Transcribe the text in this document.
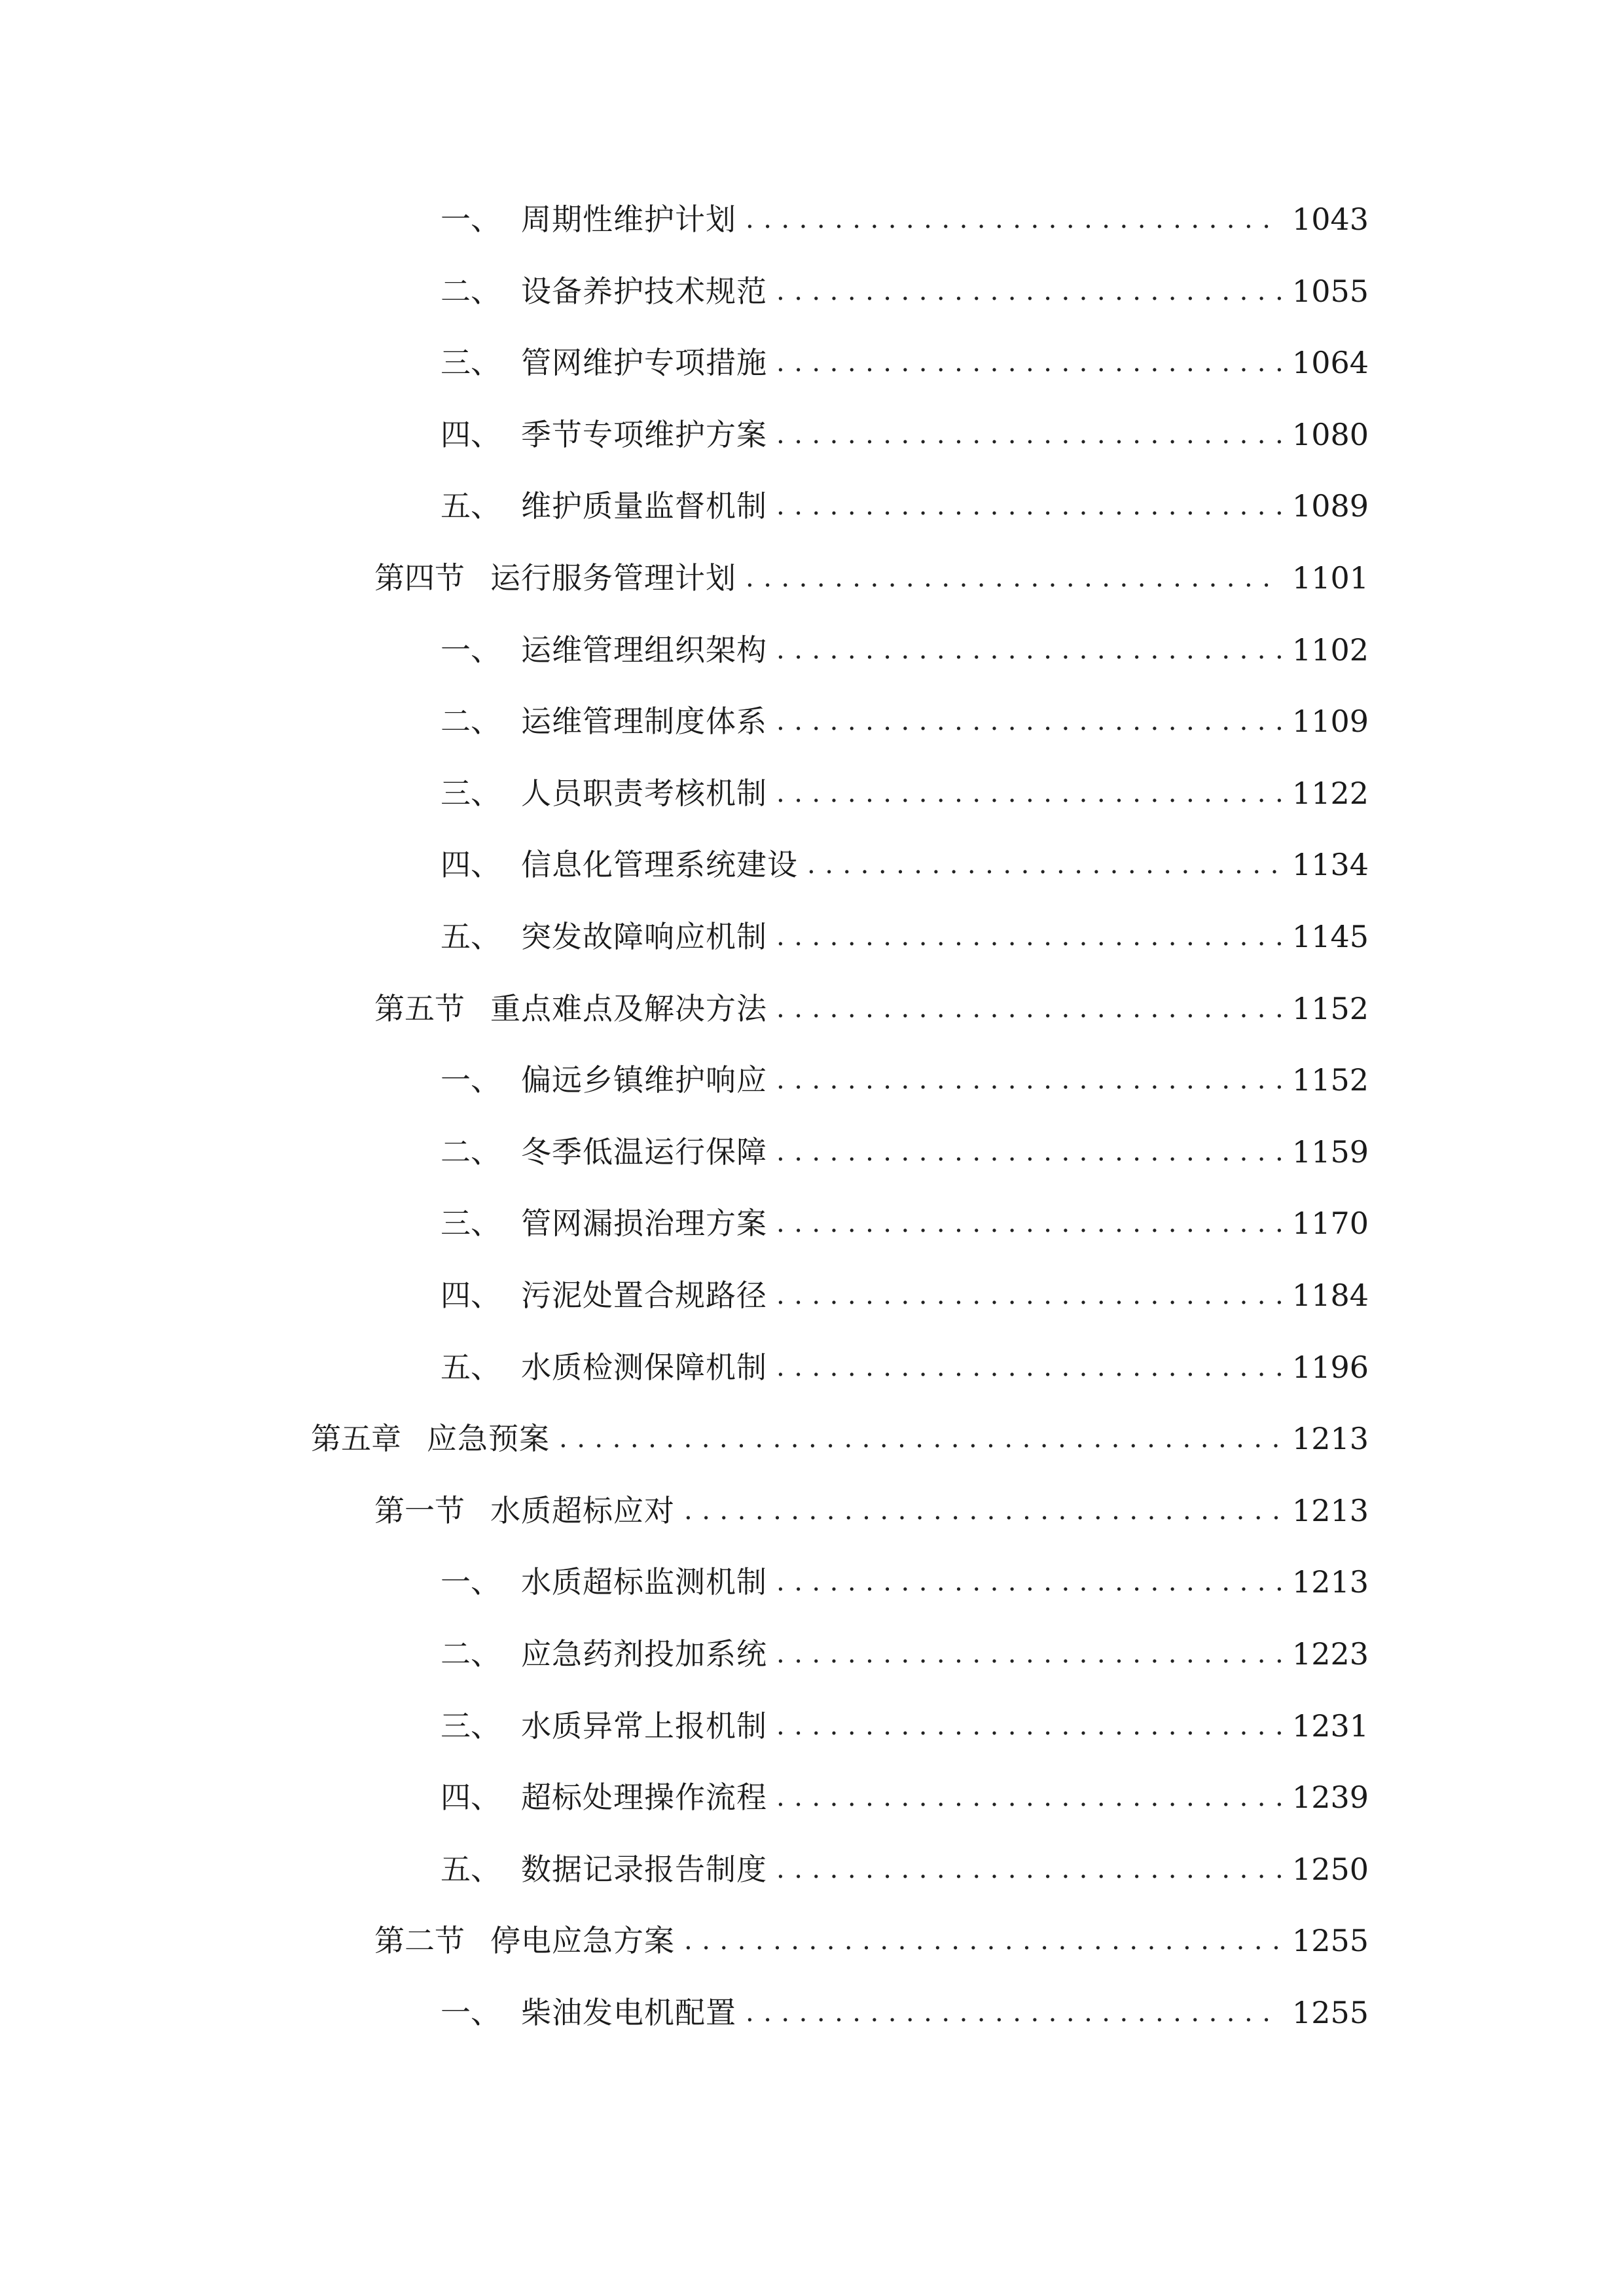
一、 周期性维护计划 .....	1043
二、 设备养护技术规范 .....	1055
三、 管网维护专项措施 .....	1064
四、 季节专项维护方案 .....	1080
五、 维护质量监督机制 .....	1089
第四节 运行服务管理计划 .....	1101
一、 运维管理组织架构 .....	1102
二、 运维管理制度体系 .....	1109
三、 人员职责考核机制 .....	1122
四、 信息化管理系统建设 .....	1134
五、 突发故障响应机制 .....	1145
第五节 重点难点及解决方法 .....	1152
一、 偏远乡镇维护响应 .....	1152
二、 冬季低温运行保障 .....	1159
三、 管网漏损治理方案 .....	1170
四、 污泥处置合规路径 .....	1184
五、 水质检测保障机制 .....	1196
第五章 应急预案 .....	1213
第一节 水质超标应对 .....	1213
一、 水质超标监测机制 .....	1213
二、 应急药剂投加系统 .....	1223
三、 水质异常上报机制 .....	1231
四、 超标处理操作流程 .....	1239
五、 数据记录报告制度 .....	1250
第二节 停电应急方案 .....	1255
一、 柴油发电机配置 .....	1255
